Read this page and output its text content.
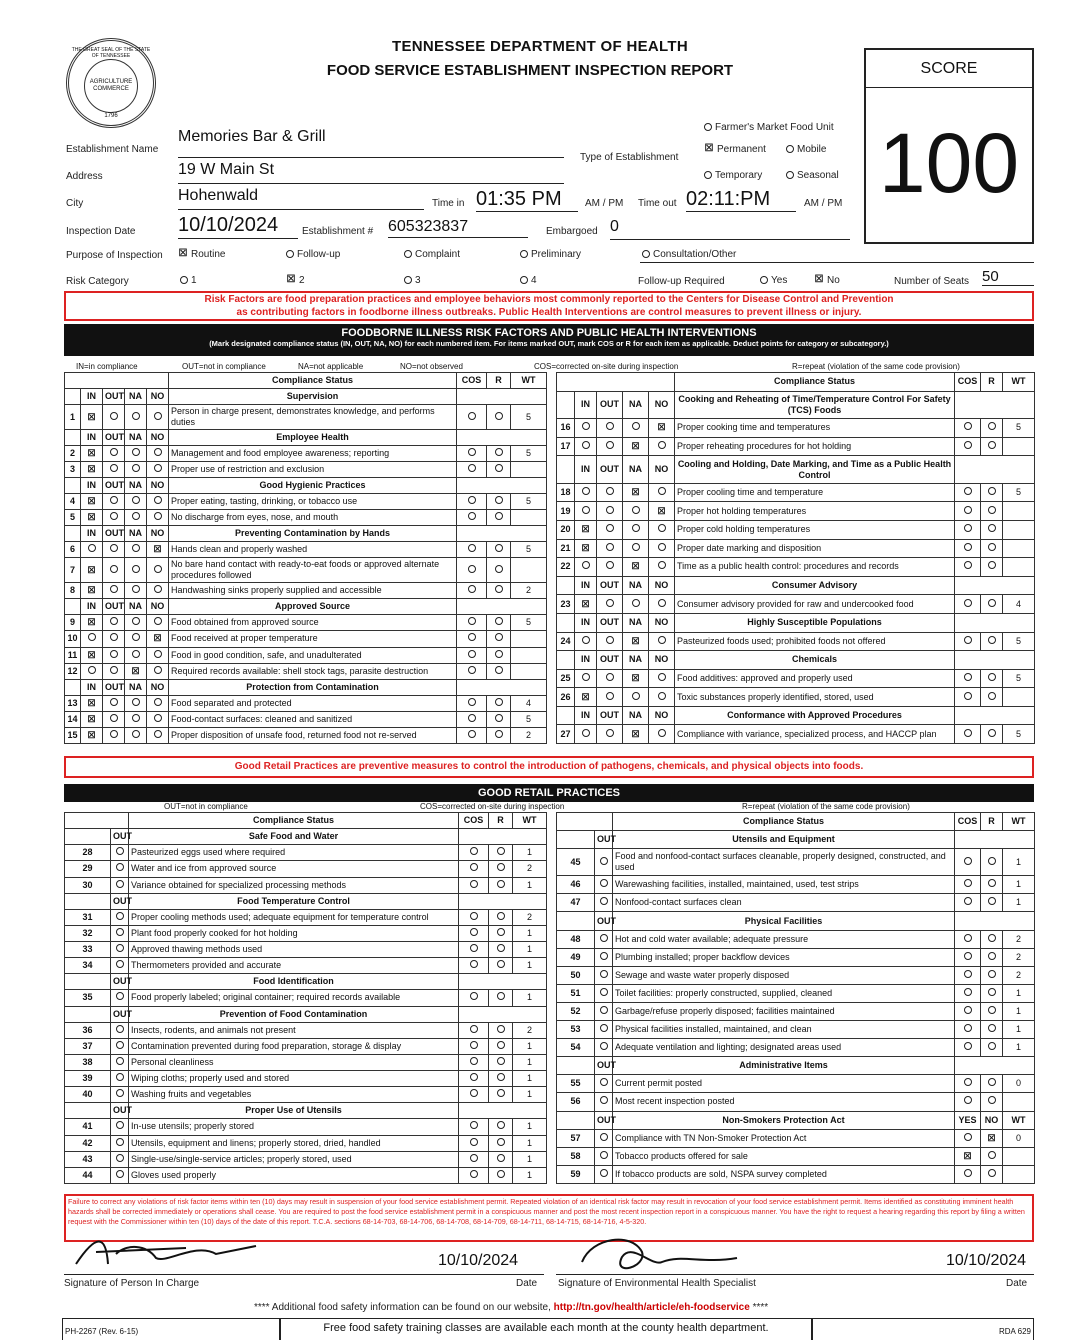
THE GREAT SEAL OF THE STATE OF TENNESSEE
AGRICULTURE COMMERCE
1796
TENNESSEE DEPARTMENT OF HEALTH
FOOD SERVICE ESTABLISHMENT INSPECTION REPORT	SCORE
100
Establishment Name
Memories Bar & Grill
Address	19 W Main St
City	Hohenwald	Time in 01:35 PM	AM / PM Time out 02:11:PM	AM / PM
Inspection Date 10/10/2024	Establishment # 605323837	Embargoed 0
Type of Establishment
Farmer's Market Food Unit
☒ Permanent	Mobile
Temporary	Seasonal
Purpose of Inspection ☒ Routine	Follow-up	Complaint	Preliminary	Consultation/Other
Risk Category	1	☒ 2	3	4	Follow-up Required	Yes	☒ No	Number of Seats 50
Risk Factors are food preparation practices and employee behaviors most commonly reported to the Centers for Disease Control and Prevention
as contributing factors in foodborne illness outbreaks. Public Health Interventions are control measures to prevent illness or injury.
FOODBORNE ILLNESS RISK FACTORS AND PUBLIC HEALTH INTERVENTIONS
(Mark designated compliance status (IN, OUT, NA, NO) for each numbered item. For items marked OUT, mark COS or R for each item as applicable. Deduct points for category or subcategory.)
IN=in compliance	OUT=not in compliance	NA=not applicable	NO=not observed	COS=corrected on-site during inspection	R=repeat (violation of the same code provision)
					Compliance Status	COS	R	WT
	IN	OUT	NA	NO	Supervision			
1	☒				Person in charge present, demonstrates knowledge, and performs duties			5
	IN	OUT	NA	NO	Employee Health			
2	☒				Management and food employee awareness; reporting			5
3	☒				Proper use of restriction and exclusion			
	IN	OUT	NA	NO	Good Hygienic Practices			
4	☒				Proper eating, tasting, drinking, or tobacco use			5
5	☒				No discharge from eyes, nose, and mouth			
	IN	OUT	NA	NO	Preventing Contamination by Hands			
6				☒	Hands clean and properly washed			5
7	☒				No bare hand contact with ready-to-eat foods or approved alternate procedures followed			
8	☒				Handwashing sinks properly supplied and accessible			2
	IN	OUT	NA	NO	Approved Source			
9	☒				Food obtained from approved source			5
10				☒	Food received at proper temperature			
11	☒				Food in good condition, safe, and unadulterated			
12			☒		Required records available: shell stock tags, parasite destruction			
	IN	OUT	NA	NO	Protection from Contamination			
13	☒				Food separated and protected			4
14	☒				Food-contact surfaces: cleaned and sanitized			5
15	☒				Proper disposition of unsafe food, returned food not re-served			2
					Compliance Status	COS	R	WT
	IN	OUT	NA	NO	Cooking and Reheating of Time/Temperature Control For Safety (TCS) Foods			
16				☒	Proper cooking time and temperatures			5
17			☒		Proper reheating procedures for hot holding			
	IN	OUT	NA	NO	Cooling and Holding, Date Marking, and Time as a Public Health Control			
18			☒		Proper cooling time and temperature			5
19				☒	Proper hot holding temperatures			
20	☒				Proper cold holding temperatures			
21	☒				Proper date marking and disposition			
22			☒		Time as a public health control: procedures and records			
	IN	OUT	NA	NO	Consumer Advisory			
23	☒				Consumer advisory provided for raw and undercooked food			4
	IN	OUT	NA	NO	Highly Susceptible Populations			
24			☒		Pasteurized foods used; prohibited foods not offered			5
	IN	OUT	NA	NO	Chemicals			
25			☒		Food additives: approved and properly used			5
26	☒				Toxic substances properly identified, stored, used			
	IN	OUT	NA	NO	Conformance with Approved Procedures			
27			☒		Compliance with variance, specialized process, and HACCP plan			5
Good Retail Practices are preventive measures to control the introduction of pathogens, chemicals, and physical objects into foods.
GOOD RETAIL PRACTICES
OUT=not in compliance	COS=corrected on-site during inspection	R=repeat (violation of the same code provision)
		Compliance Status	COS	R	WT
	OUT	Safe Food and Water			
28		Pasteurized eggs used where required			1
29		Water and ice from approved source			2
30		Variance obtained for specialized processing methods			1
	OUT	Food Temperature Control			
31		Proper cooling methods used; adequate equipment for temperature control			2
32		Plant food properly cooked for hot holding			1
33		Approved thawing methods used			1
34		Thermometers provided and accurate			1
	OUT	Food Identification			
35		Food properly labeled; original container; required records available			1
	OUT	Prevention of Food Contamination			
36		Insects, rodents, and animals not present			2
37		Contamination prevented during food preparation, storage & display			1
38		Personal cleanliness			1
39		Wiping cloths; properly used and stored			1
40		Washing fruits and vegetables			1
	OUT	Proper Use of Utensils			
41		In-use utensils; properly stored			1
42		Utensils, equipment and linens; properly stored, dried, handled			1
43		Single-use/single-service articles; properly stored, used			1
44		Gloves used properly			1
		Compliance Status	COS	R	WT
	OUT	Utensils and Equipment			
45		Food and nonfood-contact surfaces cleanable, properly designed, constructed, and used			1
46		Warewashing facilities, installed, maintained, used, test strips			1
47		Nonfood-contact surfaces clean			1
	OUT	Physical Facilities			
48		Hot and cold water available; adequate pressure			2
49		Plumbing installed; proper backflow devices			2
50		Sewage and waste water properly disposed			2
51		Toilet facilities: properly constructed, supplied, cleaned			1
52		Garbage/refuse properly disposed; facilities maintained			1
53		Physical facilities installed, maintained, and clean			1
54		Adequate ventilation and lighting; designated areas used			1
	OUT	Administrative Items			
55		Current permit posted			0
56		Most recent inspection posted			
	OUT	Non-Smokers Protection Act	YES	NO	WT
57		Compliance with TN Non-Smoker Protection Act		☒	0
58		Tobacco products offered for sale	☒		
59		If tobacco products are sold, NSPA survey completed			
Failure to correct any violations of risk factor items within ten (10) days may result in suspension of your food service establishment permit. Repeated violation of an identical risk factor may result in revocation of your food service establishment permit. Items identified as constituting imminent health hazards shall be corrected immediately or operations shall cease. You are required to post the food service establishment permit in a conspicuous manner and post the most recent inspection report in a conspicuous manner. You have the right to request a hearing regarding this report by filing a written request with the Commissioner within ten (10) days of the date of this report. T.C.A. sections 68-14-703, 68-14-706, 68-14-708, 68-14-709, 68-14-711, 68-14-715, 68-14-716, 4-5-320.
10/10/2024
Signature of Person In Charge	Date
10/10/2024
Signature of Environmental Health Specialist	Date
**** Additional food safety information can be found on our website, http://tn.gov/health/article/eh-foodservice ****
PH-2267 (Rev. 6-15)	Free food safety training classes are available each month at the county health department.	RDA 629
